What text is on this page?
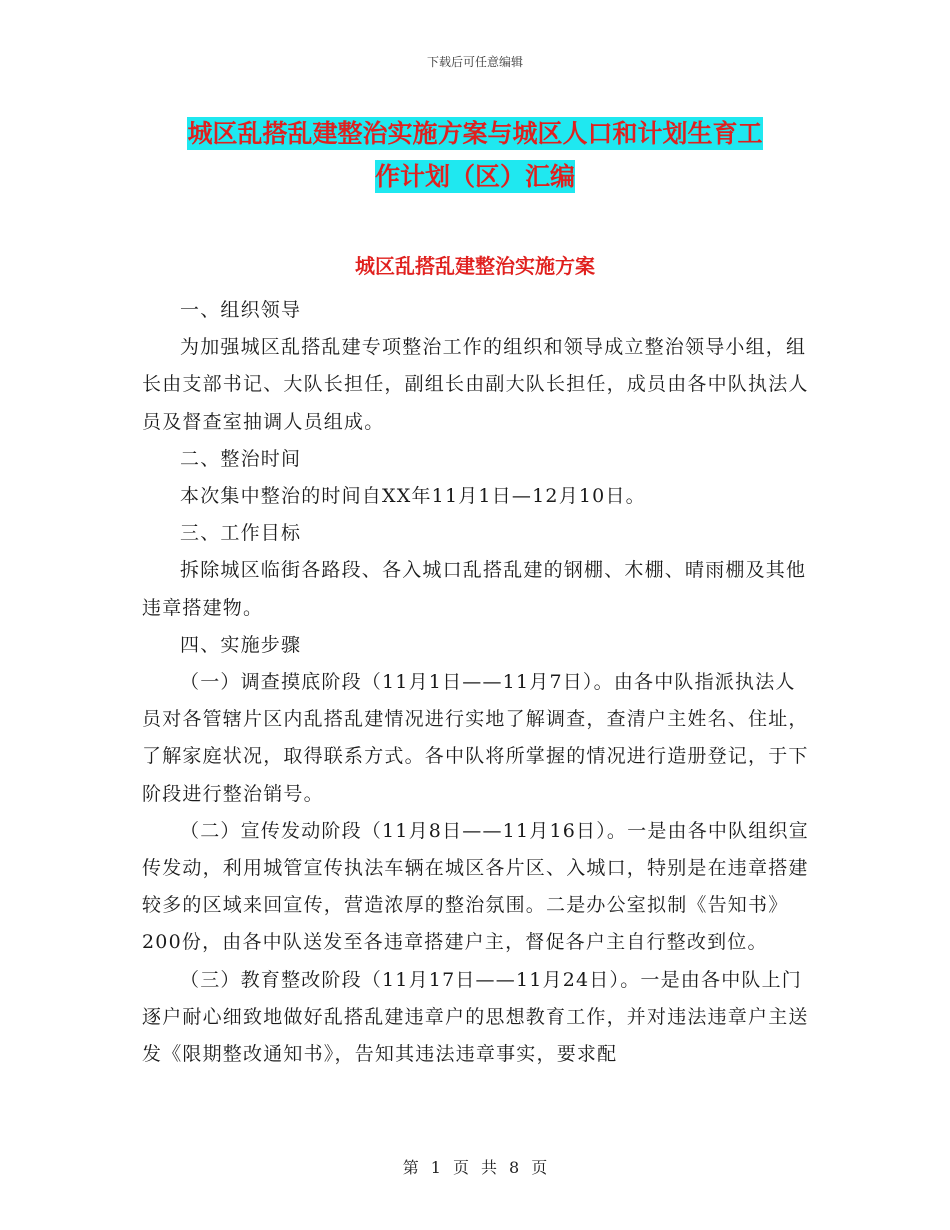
下载后可任意编辑
城区乱搭乱建整治实施方案与城区人口和计划生育工
作计划（区）汇编
城区乱搭乱建整治实施方案

一、组织领导

为加强城区乱搭乱建专项整治工作的组织和领导成立整治领导小组，组长由支部书记、大队长担任，副组长由副大队长担任，成员由各中队执法人员及督查室抽调人员组成。

二、整治时间

本次集中整治的时间自XX年11月1日—12月10日。

三、工作目标

拆除城区临街各路段、各入城口乱搭乱建的钢棚、木棚、晴雨棚及其他违章搭建物。

四、实施步骤

（一）调查摸底阶段（11月1日——11月7日）。由各中队指派执法人员对各管辖片区内乱搭乱建情况进行实地了解调查，查清户主姓名、住址，了解家庭状况，取得联系方式。各中队将所掌握的情况进行造册登记，于下阶段进行整治销号。

（二）宣传发动阶段（11月8日——11月16日）。一是由各中队组织宣传发动，利用城管宣传执法车辆在城区各片区、入城口，特别是在违章搭建较多的区域来回宣传，营造浓厚的整治氛围。二是办公室拟制《告知书》200份，由各中队送发至各违章搭建户主，督促各户主自行整改到位。

（三）教育整改阶段（11月17日——11月24日）。一是由各中队上门逐户耐心细致地做好乱搭乱建违章户的思想教育工作，并对违法违章户主送发《限期整改通知书》，告知其违法违章事实，要求配

第 1 页 共 8 页
